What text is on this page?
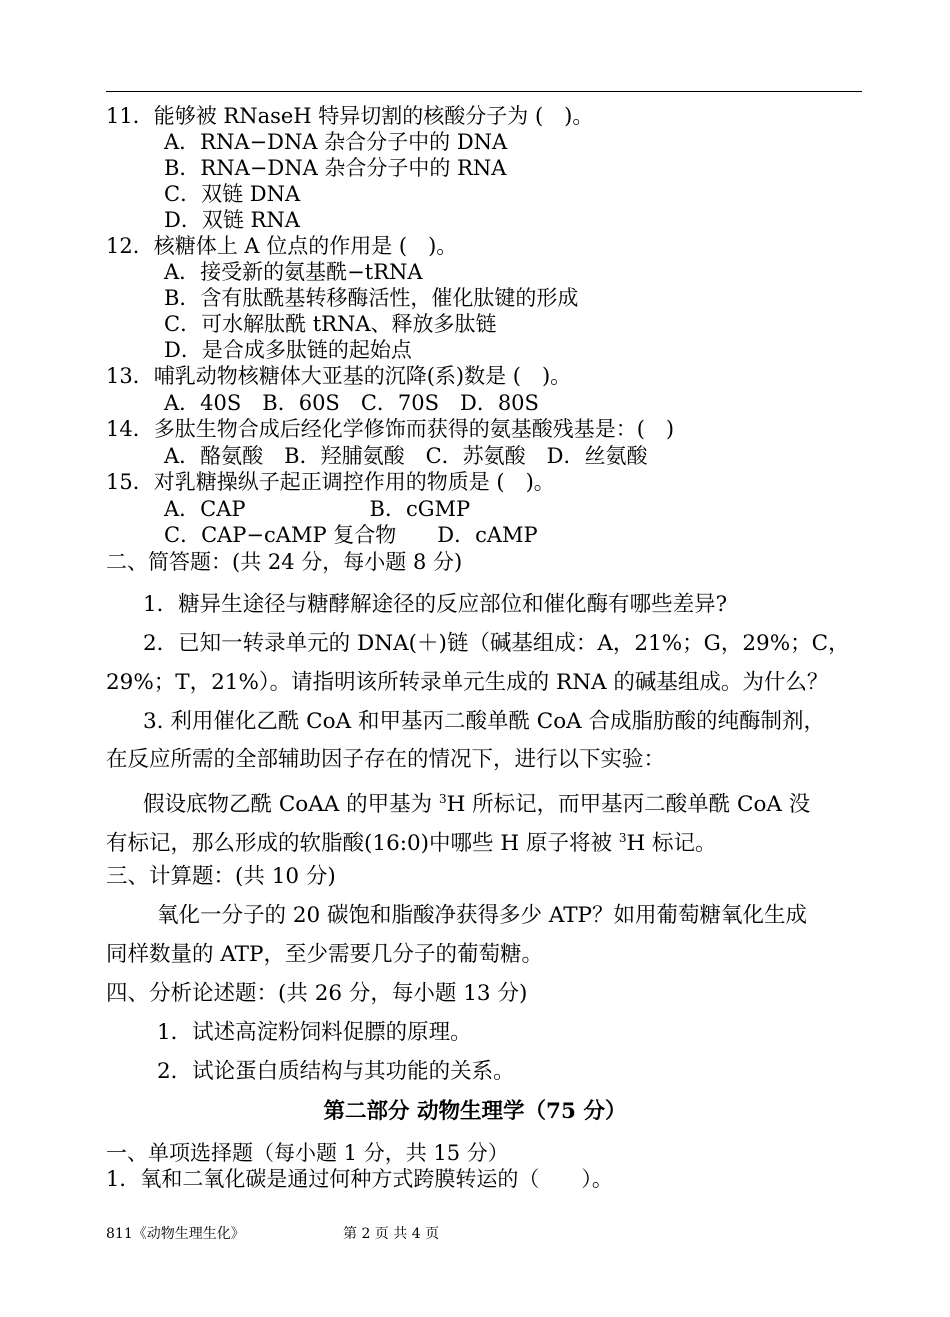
11．能够被 RNaseH 特异切割的核酸分子为 (　)。
A．RNA−DNA 杂合分子中的 DNA
B．RNA−DNA 杂合分子中的 RNA
C．双链 DNA
D．双链 RNA
12．核糖体上 A 位点的作用是 (　)。
A．接受新的氨基酰−tRNA
B．含有肽酰基转移酶活性，催化肽键的形成
C．可水解肽酰 tRNA、释放多肽链
D．是合成多肽链的起始点
13．哺乳动物核糖体大亚基的沉降(系)数是 (　)。
A．40S　B．60S　C．70S　D．80S
14．多肽生物合成后经化学修饰而获得的氨基酸残基是：(　)
A．酪氨酸　B．羟脯氨酸　C．苏氨酸　D．丝氨酸
15．对乳糖操纵子起正调控作用的物质是 (　)。
A．CAP	B．cGMP
C．CAP−cAMP 复合物 D．cAMP
二、简答题：(共 24 分，每小题 8 分)
1．糖异生途径与糖酵解途径的反应部位和催化酶有哪些差异?
2．已知一转录单元的 DNA(＋)链（碱基组成：A，21%；G，29%；C，
29%；T，21%）。请指明该所转录单元生成的 RNA 的碱基组成。为什么？
3. 利用催化乙酰 CoA 和甲基丙二酸单酰 CoA 合成脂肪酸的纯酶制剂，
在反应所需的全部辅助因子存在的情况下，进行以下实验：
假设底物乙酰 CoAA 的甲基为 $^3$H 所标记，而甲基丙二酸单酰 CoA 没
有标记，那么形成的软脂酸(16:0)中哪些 H 原子将被 $^3$H 标记。
三、计算题：(共 10 分)
氧化一分子的 20 碳饱和脂酸净获得多少 ATP？如用葡萄糖氧化生成
同样数量的 ATP，至少需要几分子的葡萄糖。
四、分析论述题：(共 26 分，每小题 13 分)
1．试述高淀粉饲料促膘的原理。
2．试论蛋白质结构与其功能的关系。
第二部分 动物生理学（75 分）
一、单项选择题（每小题 1 分，共 15 分）
1．氧和二氧化碳是通过何种方式跨膜转运的（　　）。
811《动物生理生化》	第 2 页 共 4 页
